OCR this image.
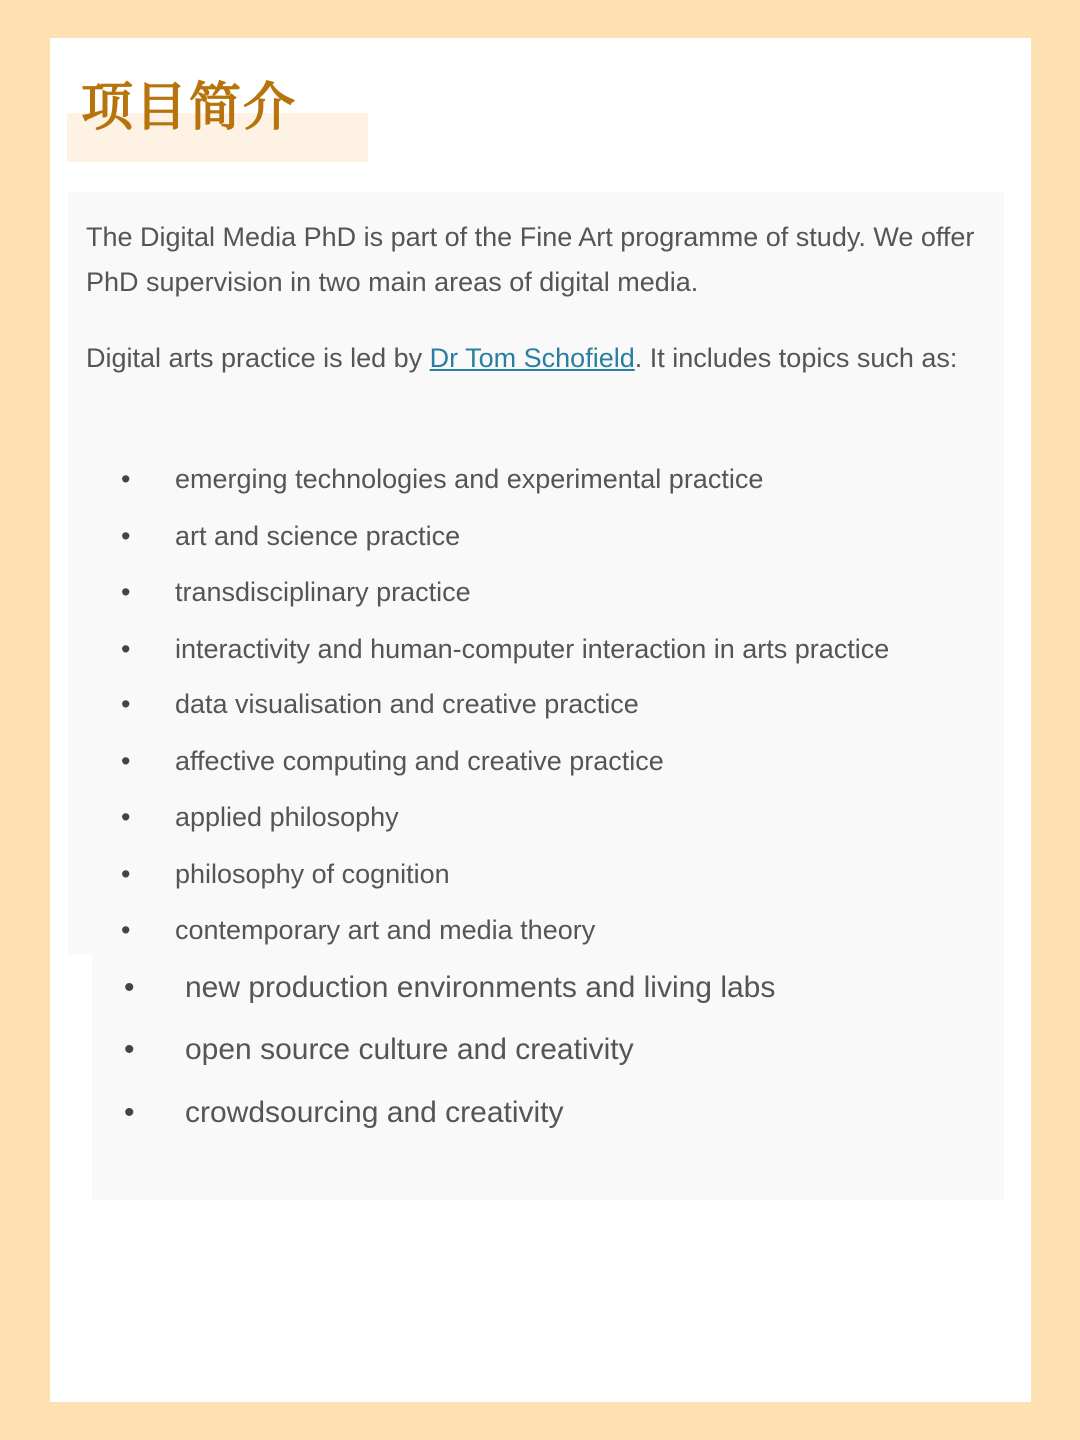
项目简介

The Digital Media PhD is part of the Fine Art programme of study. We offer PhD supervision in two main areas of digital media.

Digital arts practice is led by Dr Tom Schofield. It includes topics such as:

• emerging technologies and experimental practice
• art and science practice
• transdisciplinary practice
• interactivity and human-computer interaction in arts practice
• data visualisation and creative practice
• affective computing and creative practice
• applied philosophy
• philosophy of cognition
• contemporary art and media theory
• new production environments and living labs
• open source culture and creativity
• crowdsourcing and creativity
